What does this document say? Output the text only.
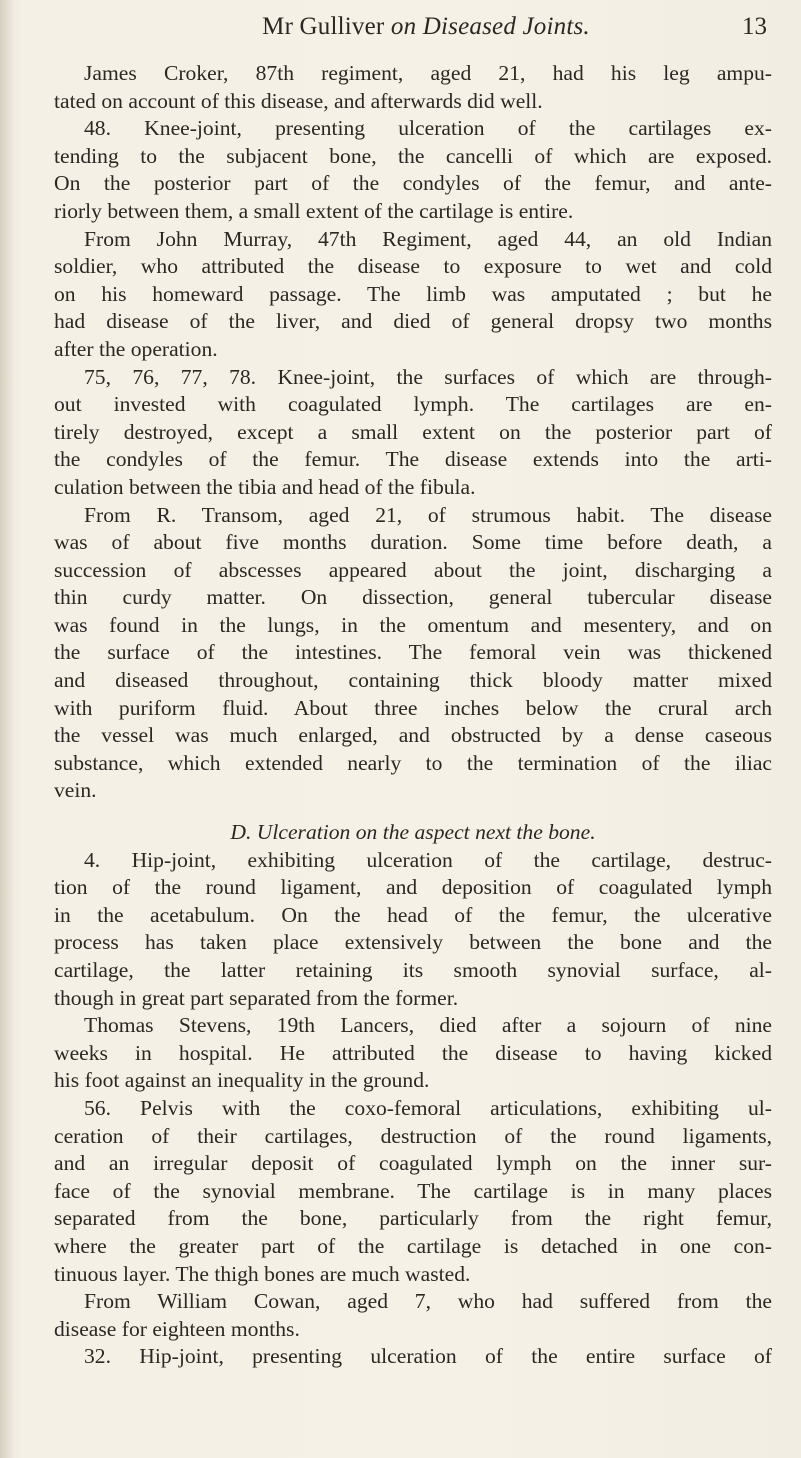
Mr Gulliver on Diseased Joints.	13
James Croker, 87th regiment, aged 21, had his leg ampu-
tated on account of this disease, and afterwards did well.
48. Knee-joint, presenting ulceration of the cartilages ex-
tending to the subjacent bone, the cancelli of which are exposed.
On the posterior part of the condyles of the femur, and ante-
riorly between them, a small extent of the cartilage is entire.
From John Murray, 47th Regiment, aged 44, an old Indian
soldier, who attributed the disease to exposure to wet and cold
on his homeward passage. The limb was amputated ; but he
had disease of the liver, and died of general dropsy two months
after the operation.
75, 76, 77, 78. Knee-joint, the surfaces of which are through-
out invested with coagulated lymph. The cartilages are en-
tirely destroyed, except a small extent on the posterior part of
the condyles of the femur. The disease extends into the arti-
culation between the tibia and head of the fibula.
From R. Transom, aged 21, of strumous habit. The disease
was of about five months duration. Some time before death, a
succession of abscesses appeared about the joint, discharging a
thin curdy matter. On dissection, general tubercular disease
was found in the lungs, in the omentum and mesentery, and on
the surface of the intestines. The femoral vein was thickened
and diseased throughout, containing thick bloody matter mixed
with puriform fluid. About three inches below the crural arch
the vessel was much enlarged, and obstructed by a dense caseous
substance, which extended nearly to the termination of the iliac
vein.
D. Ulceration on the aspect next the bone.
4. Hip-joint, exhibiting ulceration of the cartilage, destruc-
tion of the round ligament, and deposition of coagulated lymph
in the acetabulum. On the head of the femur, the ulcerative
process has taken place extensively between the bone and the
cartilage, the latter retaining its smooth synovial surface, al-
though in great part separated from the former.
Thomas Stevens, 19th Lancers, died after a sojourn of nine
weeks in hospital. He attributed the disease to having kicked
his foot against an inequality in the ground.
56. Pelvis with the coxo-femoral articulations, exhibiting ul-
ceration of their cartilages, destruction of the round ligaments,
and an irregular deposit of coagulated lymph on the inner sur-
face of the synovial membrane. The cartilage is in many places
separated from the bone, particularly from the right femur,
where the greater part of the cartilage is detached in one con-
tinuous layer. The thigh bones are much wasted.
From William Cowan, aged 7, who had suffered from the
disease for eighteen months.
32. Hip-joint, presenting ulceration of the entire surface of
